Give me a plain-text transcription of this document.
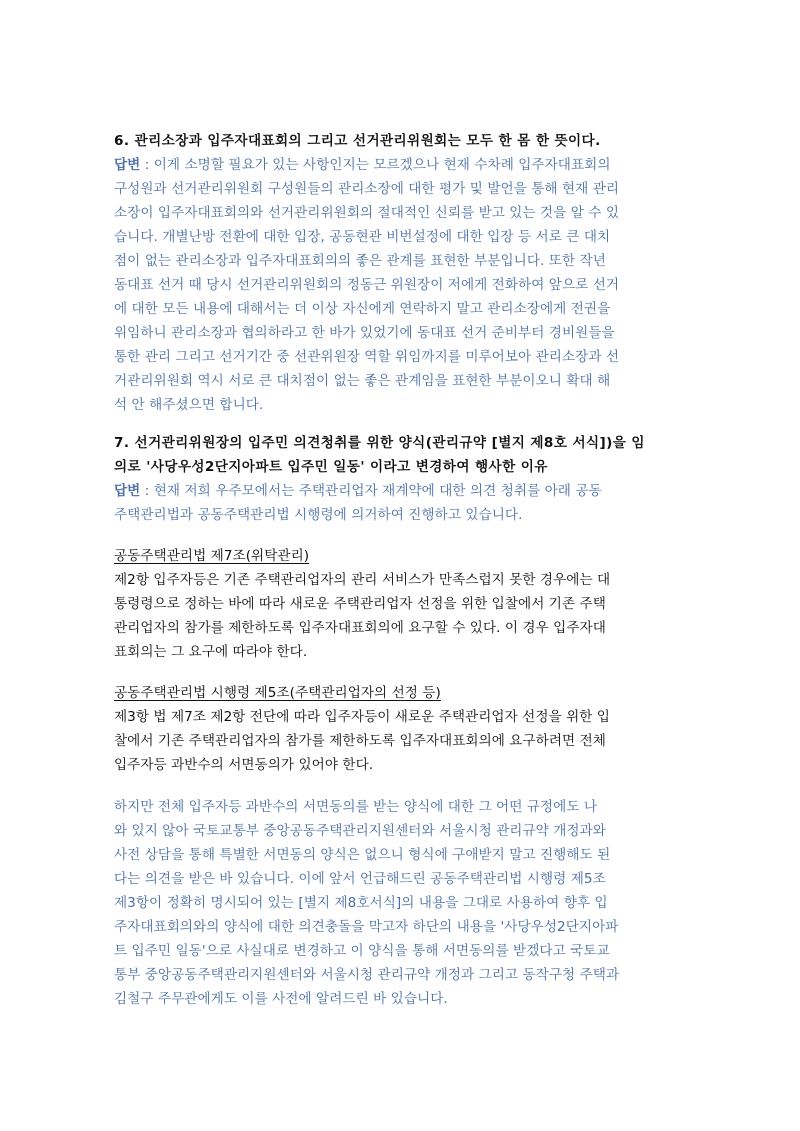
6. 관리소장과 입주자대표회의 그리고 선거관리위원회는 모두 한 몸 한 뜻이다.
답변 : 이게 소명할 필요가 있는 사항인지는 모르겠으나 현재 수차례 입주자대표회의
구성원과 선거관리위원회 구성원들의 관리소장에 대한 평가 및 발언을 통해 현재 관리
소장이 입주자대표회의와 선거관리위원회의 절대적인 신뢰를 받고 있는 것을 알 수 있
습니다. 개별난방 전환에 대한 입장, 공동현관 비번설정에 대한 입장 등 서로 큰 대치
점이 없는 관리소장과 입주자대표회의의 좋은 관계를 표현한 부분입니다. 또한 작년
동대표 선거 때 당시 선거관리위원회의 정동근 위원장이 저에게 전화하여 앞으로 선거
에 대한 모든 내용에 대해서는 더 이상 자신에게 연락하지 말고 관리소장에게 전권을
위임하니 관리소장과 협의하라고 한 바가 있었기에 동대표 선거 준비부터 경비원들을
통한 관리 그리고 선거기간 중 선관위원장 역할 위임까지를 미루어보아 관리소장과 선
거관리위원회 역시 서로 큰 대치점이 없는 좋은 관계임을 표현한 부분이오니 확대 해
석 안 해주셨으면 합니다.
7. 선거관리위원장의 입주민 의견청취를 위한 양식(관리규약 [별지 제8호 서식])을 임
의로 '사당우성2단지아파트 입주민 일동' 이라고 변경하여 행사한 이유
답변 : 현재 저희 우주모에서는 주택관리업자 재계약에 대한 의견 청취를 아래 공동
주택관리법과 공동주택관리법 시행령에 의거하여 진행하고 있습니다.
공동주택관리법 제7조(위탁관리)
제2항 입주자등은 기존 주택관리업자의 관리 서비스가 만족스럽지 못한 경우에는 대
통령령으로 정하는 바에 따라 새로운 주택관리업자 선정을 위한 입찰에서 기존 주택
관리업자의 참가를 제한하도록 입주자대표회의에 요구할 수 있다. 이 경우 입주자대
표회의는 그 요구에 따라야 한다.
공동주택관리법 시행령 제5조(주택관리업자의 선정 등)
제3항 법 제7조 제2항 전단에 따라 입주자등이 새로운 주택관리업자 선정을 위한 입
찰에서 기존 주택관리업자의 참가를 제한하도록 입주자대표회의에 요구하려면 전체
입주자등 과반수의 서면동의가 있어야 한다.
하지만 전체 입주자등 과반수의 서면동의를 받는 양식에 대한 그 어떤 규정에도 나
와 있지 않아 국토교통부 중앙공동주택관리지원센터와 서울시청 관리규약 개정과와
사전 상담을 통해 특별한 서면동의 양식은 없으니 형식에 구애받지 말고 진행해도 된
다는 의견을 받은 바 있습니다. 이에 앞서 언급해드린 공동주택관리법 시행령 제5조
제3항이 정확히 명시되어 있는 [별지 제8호서식]의 내용을 그대로 사용하여 향후 입
주자대표회의와의 양식에 대한 의견충돌을 막고자 하단의 내용을 '사당우성2단지아파
트 입주민 일동'으로 사실대로 변경하고 이 양식을 통해 서면동의를 받겠다고 국토교
통부 중앙공동주택관리지원센터와 서울시청 관리규약 개정과 그리고 동작구청 주택과
김철구 주무관에게도 이를 사전에 알려드린 바 있습니다.
